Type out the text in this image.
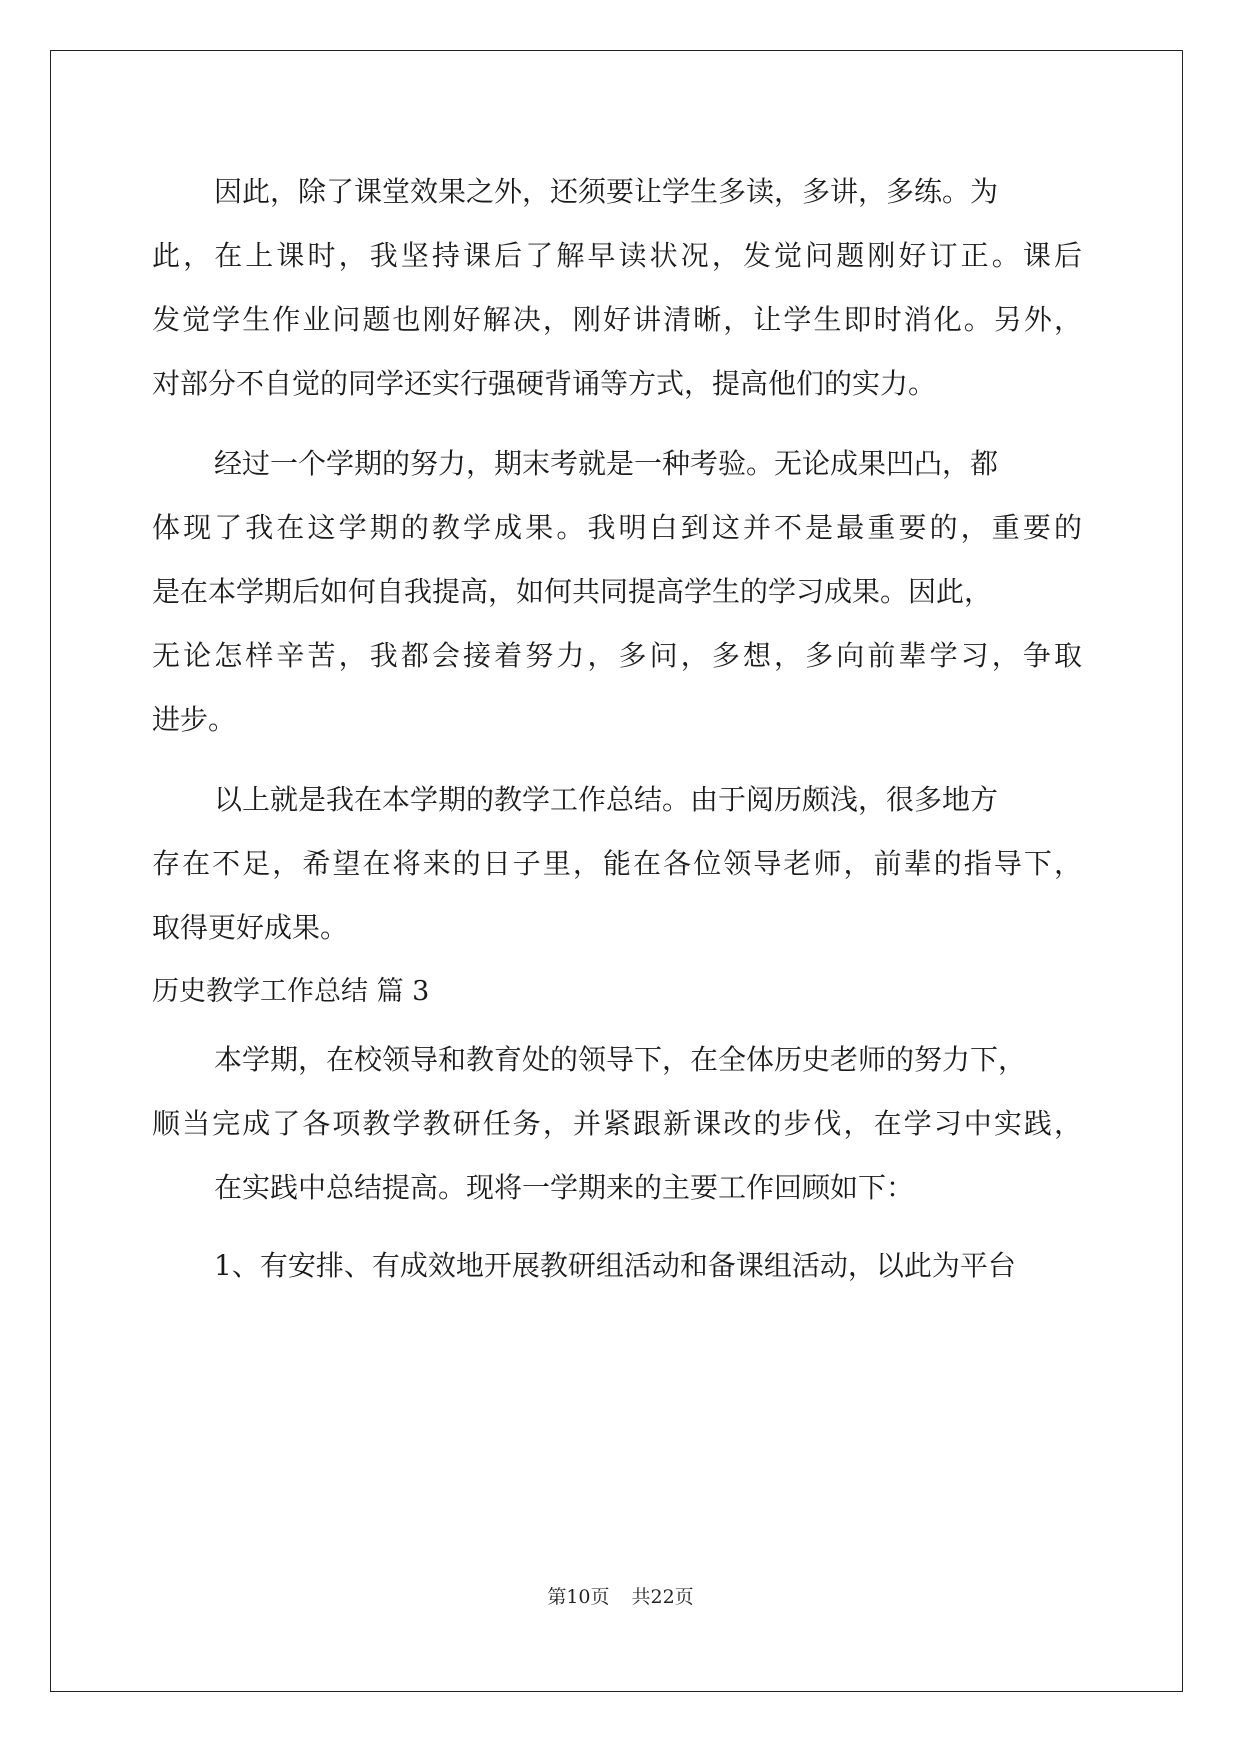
因此，除了课堂效果之外，还须要让学生多读，多讲，多练。为

此，在上课时，我坚持课后了解早读状况，发觉问题刚好订正。课后

发觉学生作业问题也刚好解决，刚好讲清晰，让学生即时消化。另外，

对部分不自觉的同学还实行强硬背诵等方式，提高他们的实力。

经过一个学期的努力，期末考就是一种考验。无论成果凹凸，都

体现了我在这学期的教学成果。我明白到这并不是最重要的，重要的

是在本学期后如何自我提高，如何共同提高学生的学习成果。因此，

无论怎样辛苦，我都会接着努力，多问，多想，多向前辈学习，争取

进步。

以上就是我在本学期的教学工作总结。由于阅历颇浅，很多地方

存在不足，希望在将来的日子里，能在各位领导老师，前辈的指导下，

取得更好成果。

历史教学工作总结 篇 3

本学期，在校领导和教育处的领导下，在全体历史老师的努力下，

顺当完成了各项教学教研任务，并紧跟新课改的步伐，在学习中实践，

在实践中总结提高。现将一学期来的主要工作回顾如下：

1、有安排、有成效地开展教研组活动和备课组活动，以此为平台

第10页 共22页
